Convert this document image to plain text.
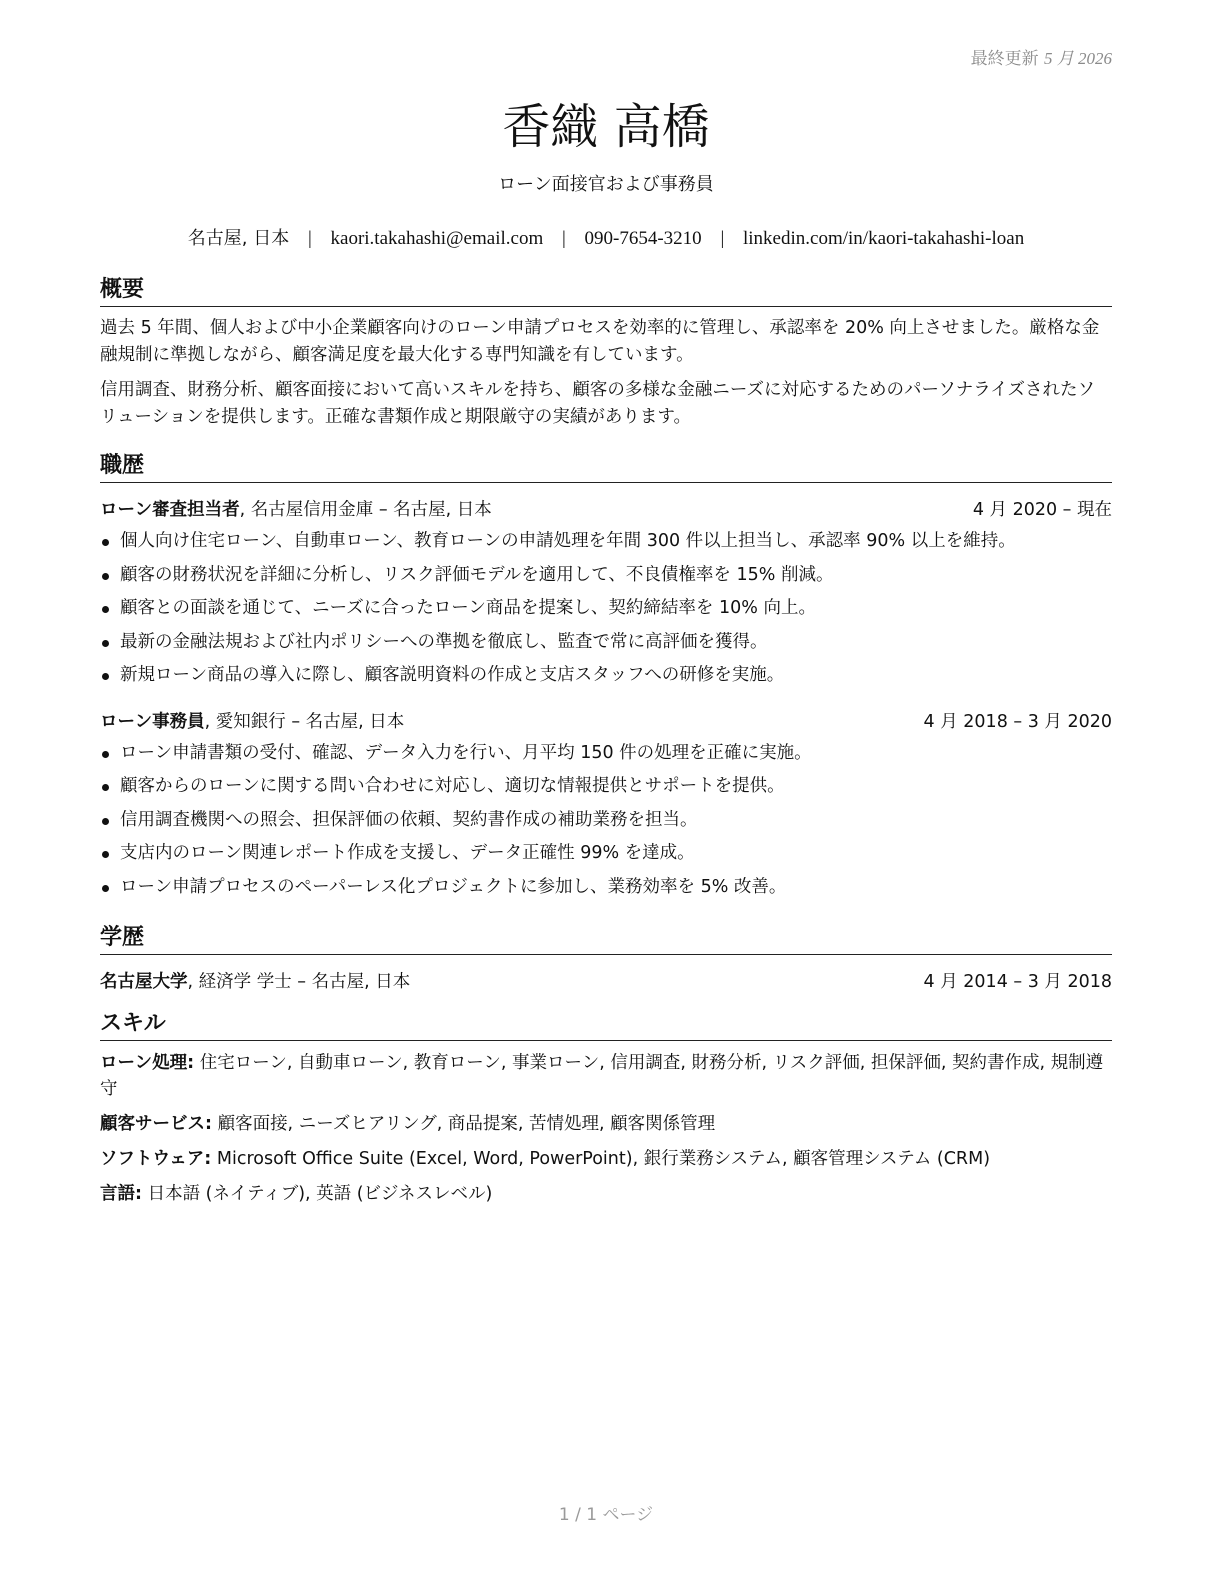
最終更新 5 月 2026
香織 高橋
ローン面接官および事務員
名古屋, 日本 | kaori.takahashi@email.com | 090-7654-3210 | linkedin.com/in/kaori-takahashi-loan
概要

過去 5 年間、個人および中小企業顧客向けのローン申請プロセスを効率的に管理し、承認率を 20% 向上させました。厳格な金融規制に準拠しながら、顧客満足度を最大化する専門知識を有しています。

信用調査、財務分析、顧客面接において高いスキルを持ち、顧客の多様な金融ニーズに対応するためのパーソナライズされたソリューションを提供します。正確な書類作成と期限厳守の実績があります。

職歴
ローン審査担当者, 名古屋信用金庫 – 名古屋, 日本	4 月 2020 – 現在
個人向け住宅ローン、自動車ローン、教育ローンの申請処理を年間 300 件以上担当し、承認率 90% 以上を維持。
顧客の財務状況を詳細に分析し、リスク評価モデルを適用して、不良債権率を 15% 削減。
顧客との面談を通じて、ニーズに合ったローン商品を提案し、契約締結率を 10% 向上。
最新の金融法規および社内ポリシーへの準拠を徹底し、監査で常に高評価を獲得。
新規ローン商品の導入に際し、顧客説明資料の作成と支店スタッフへの研修を実施。
ローン事務員, 愛知銀行 – 名古屋, 日本	4 月 2018 – 3 月 2020
ローン申請書類の受付、確認、データ入力を行い、月平均 150 件の処理を正確に実施。
顧客からのローンに関する問い合わせに対応し、適切な情報提供とサポートを提供。
信用調査機関への照会、担保評価の依頼、契約書作成の補助業務を担当。
支店内のローン関連レポート作成を支援し、データ正確性 99% を達成。
ローン申請プロセスのペーパーレス化プロジェクトに参加し、業務効率を 5% 改善。
学歴
名古屋大学, 経済学 学士 – 名古屋, 日本	4 月 2014 – 3 月 2018
スキル
ローン処理: 住宅ローン, 自動車ローン, 教育ローン, 事業ローン, 信用調査, 財務分析, リスク評価, 担保評価, 契約書作成, 規制遵守
顧客サービス: 顧客面接, ニーズヒアリング, 商品提案, 苦情処理, 顧客関係管理
ソフトウェア: Microsoft Office Suite (Excel, Word, PowerPoint), 銀行業務システム, 顧客管理システム (CRM)
言語: 日本語 (ネイティブ), 英語 (ビジネスレベル)
1 / 1 ページ
